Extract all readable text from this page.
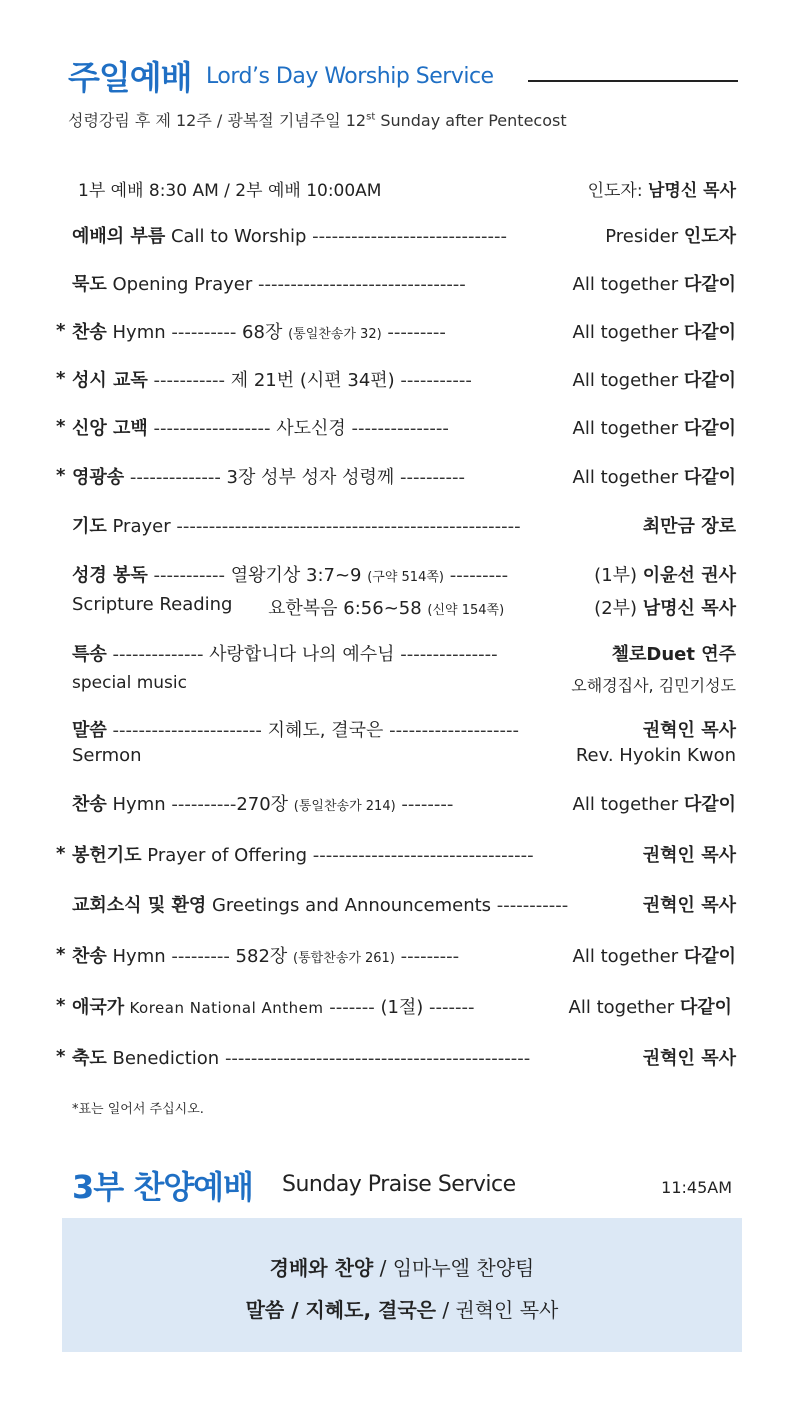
주일예배 Lord’s Day Worship Service
성령강림 후 제 12주 / 광복절 기념주일 12st Sunday after Pentecost
1부 예배 8:30 AM / 2부 예배 10:00AM	인도자: 남명신 목사
예배의 부름 Call to Worship ------------------------------	Presider 인도자
묵도 Opening Prayer --------------------------------	All together 다같이
* 찬송 Hymn ---------- 68장 (통일찬송가 32) ---------	All together 다같이
* 성시 교독 ----------- 제 21번 (시편 34편) -----------	All together 다같이
* 신앙 고백 ------------------ 사도신경 ---------------	All together 다같이
* 영광송 -------------- 3장 성부 성자 성령께 ----------	All together 다같이
기도 Prayer -----------------------------------------------------	최만금 장로
성경 봉독 ----------- 열왕기상 3:7~9 (구약 514쪽) ---------	(1부) 이윤선 권사
Scripture Reading 요한복음 6:56~58 (신약 154쪽)	(2부) 남명신 목사
특송 -------------- 사랑합니다 나의 예수님 ---------------	첼로Duet 연주
special music	오해경집사, 김민기성도
말씀 ----------------------- 지혜도, 결국은 --------------------	권혁인 목사
Sermon	Rev. Hyokin Kwon
찬송 Hymn ----------270장 (통일찬송가 214) --------	All together 다같이
* 봉헌기도 Prayer of Offering ----------------------------------	권혁인 목사
교회소식 및 환영 Greetings and Announcements -----------	권혁인 목사
* 찬송 Hymn --------- 582장 (통합찬송가 261) ---------	All together 다같이
* 애국가 Korean National Anthem ------- (1절) -------	All together 다같이
* 축도 Benediction -----------------------------------------------	권혁인 목사
*표는 일어서 주십시오.
3부 찬양예배 Sunday Praise Service	11:45AM
경배와 찬양 / 임마누엘 찬양팀
말씀 / 지혜도, 결국은 / 권혁인 목사
